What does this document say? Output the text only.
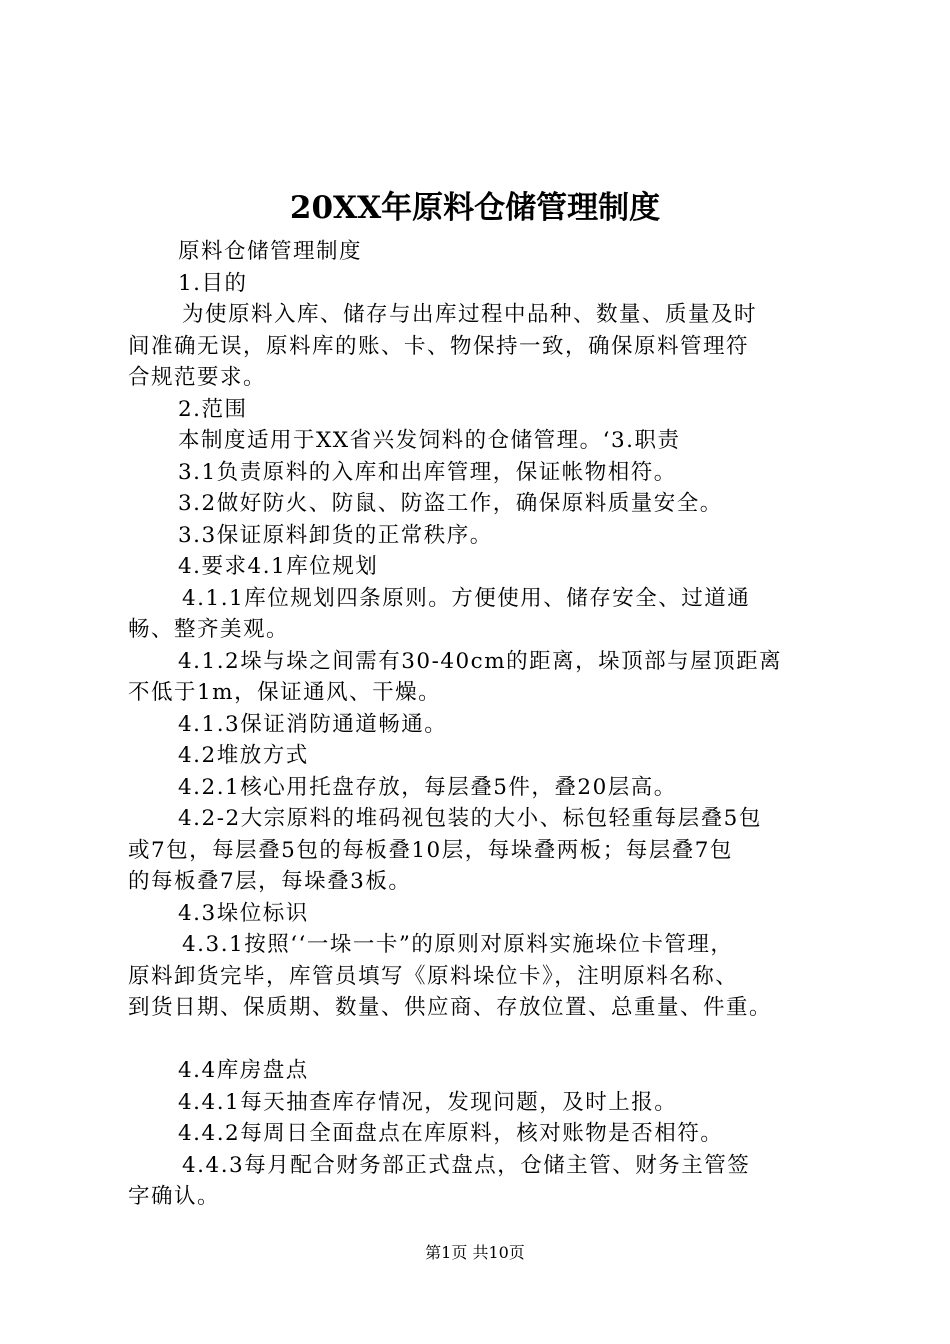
20XX年原料仓储管理制度
原料仓储管理制度
1.目的
为使原料入库、储存与出库过程中品种、数量、质量及时
间准确无误，原料库的账、卡、物保持一致，确保原料管理符
合规范要求。
2.范围
本制度适用于XX省兴发饲料的仓储管理。‘3.职责
3.1负责原料的入库和出库管理，保证帐物相符。
3.2做好防火、防鼠、防盗工作，确保原料质量安全。
3.3保证原料卸货的正常秩序。
4.要求4.1库位规划
4.1.1库位规划四条原则。方便使用、储存安全、过道通
畅、整齐美观。
4.1.2垛与垛之间需有30-40cm的距离，垛顶部与屋顶距离
不低于1m，保证通风、干燥。
4.1.3保证消防通道畅通。
4.2堆放方式
4.2.1核心用托盘存放，每层叠5件，叠20层高。
4.2-2大宗原料的堆码视包装的大小、标包轻重每层叠5包
或7包，每层叠5包的每板叠10层，每垛叠两板；每层叠7包
的每板叠7层，每垛叠3板。
4.3垛位标识
4.3.1按照‘‘一垛一卡”的原则对原料实施垛位卡管理，
原料卸货完毕，库管员填写《原料垛位卡》，注明原料名称、
到货日期、保质期、数量、供应商、存放位置、总重量、件重。
4.4库房盘点
4.4.1每天抽查库存情况，发现问题，及时上报。
4.4.2每周日全面盘点在库原料，核对账物是否相符。
4.4.3每月配合财务部正式盘点，仓储主管、财务主管签
字确认。
第1页 共10页
